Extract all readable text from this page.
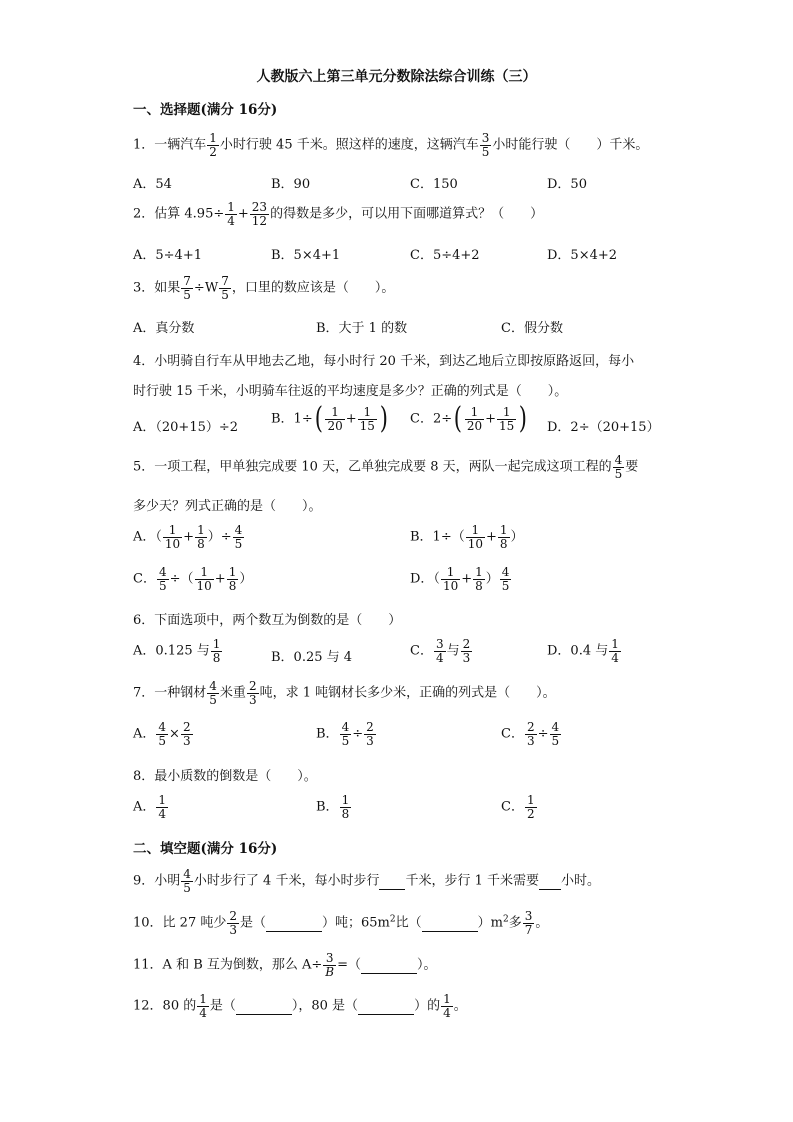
人教版六上第三单元分数除法综合训练（三）
一、选择题(满分 16分)
1．一辆汽车 $\frac{1}{2}$ 小时行驶 45 千米。照这样的速度，这辆汽车 $\frac{3}{5}$ 小时能行驶（　　）千米。
A．54	B．90	C．150	D．50
2．估算 $4.95\div \frac{1}{4} + \frac{23}{12}$ 的得数是多少，可以用下面哪道算式？（　　）
A．5÷4+1	B．5×4+1	C．5÷4+2	D．5×4+2
3．如果 $\frac{7}{5} \div W \frac{7}{5}$ ，口里的数应该是（　　）。
A．真分数	B．大于 1 的数	C．假分数
4．小明骑自行车从甲地去乙地，每小时行 20 千米，到达乙地后立即按原路返回，每小
时行驶 15 千米，小明骑车往返的平均速度是多少？正确的列式是（　　）。
A．（20+15）÷2
B．$1\div( \frac{1}{20} + \frac{1}{15}$ ) C．$2\div( \frac{1}{20} + \frac{1}{15}$ ) D．2÷（20+15）
5．一项工程，甲单独完成要 10 天，乙单独完成要 8 天，两队一起完成这项工程的 $\frac{4}{5}$ 要
多少天？列式正确的是（　　）。
A．（ $\frac{1}{10} + \frac{1}{8}$ ）÷ $\frac{4}{5}$	B．$1\div( \frac{1}{10} + \frac{1}{8}$ ）
C． $\frac{4}{5}$ ÷（ $\frac{1}{10} + \frac{1}{8}$ ）	D．（ $\frac{1}{10} + \frac{1}{8}$ ） $\frac{4}{5}$
6．下面选项中，两个数互为倒数的是（　　）
A．0.125 与 $\frac{1}{8}$	B．0.25 与 4	C． $\frac{3}{4}$ 与 $\frac{2}{3}$	D．0.4 与 $\frac{1}{4}$
7．一种钢材 $\frac{4}{5}$ 米重 $\frac{2}{3}$ 吨，求 1 吨钢材长多少米，正确的列式是（　　）。
A． $\frac{4}{5} \times \frac{2}{3}$	B． $\frac{4}{5} \div \frac{2}{3}$	C． $\frac{2}{3} \div \frac{4}{5}$
8．最小质数的倒数是（　　）。
A． $\frac{1}{4}$	B． $\frac{1}{8}$	C． $\frac{1}{2}$
二、填空题(满分 16分)
9．小明 $\frac{4}{5}$ 小时步行了 4 千米，每小时步行 千米，步行 1 千米需要 小时。
10．比 27 吨少 $\frac{2}{3}$ 是（	）吨；$65m^2$比（	）$m^2$多 $\frac{3}{7}$ 。
11．A 和 B 互为倒数，那么 $A\div \frac{3}{B}$ =（	）。
12．80 的 $\frac{1}{4}$ 是（	），80 是（	）的 $\frac{1}{4}$ 。
